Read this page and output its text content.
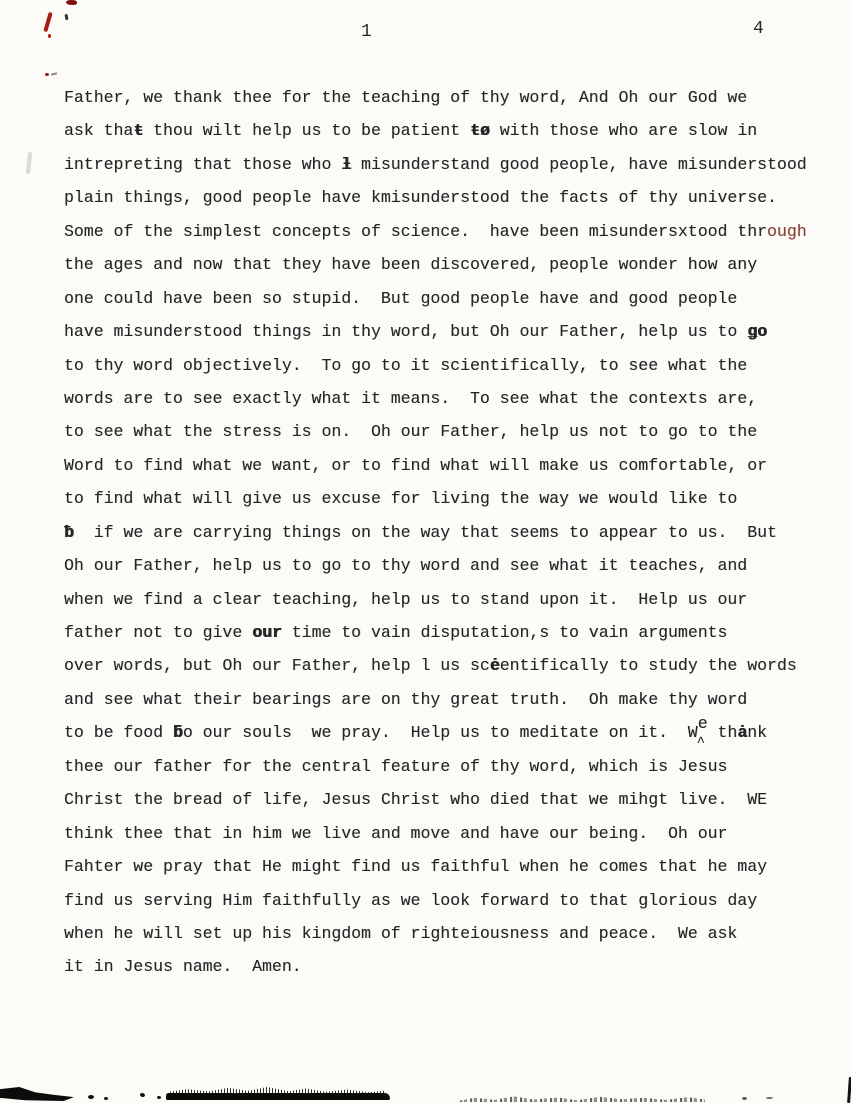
1	4
Father, we thank thee for the teaching of thy word, And Oh our God we
ask thaŧ thou wilt help us to be patient ŧø with those who are slow in
intrepreting that those who ƚ misunderstand good people, have misunderstood
plain things, good people have kmisunderstood the facts of thy universe.
Some of the simplest concepts of science.  have been misundersxtood through
the ages and now that they have been discovered, people wonder how any
one could have been so stupid.  But good people have and good people
have misunderstood things in thy word, but Oh our Father, help us to ǥo
to thy word objectively.  To go to it scientifically, to see what the
words are to see exactly what it means.  To see what the contexts are,
to see what the stress is on.  Oh our Father, help us not to go to the
Word to find what we want, or to find what will make us comfortable, or
to find what will give us excuse for living the way we would like to
ƀ  if we are carrying things on the way that seems to appear to us.  But
Oh our Father, help us to go to thy word and see what it teaches, and
when we find a clear teaching, help us to stand upon it.  Help us our
father not to give our time to vain disputation,s to vain arguments
over words, but Oh our Father, help l us scėentifically to study the words
and see what their bearings are on thy great truth.  Oh make thy word
to be food ƃo our souls  we pray.  Help us to meditate on it.  We^ thȧnk
thee our father for the central feature of thy word, which is Jesus
Christ the bread of life, Jesus Christ who died that we mihgt live.  WE
think thee that in him we live and move and have our being.  Oh our
Fahter we pray that He might find us faithful when he comes that he may
find us serving Him faithfully as we look forward to that glorious day
when he will set up his kingdom of righteiousness and peace.  We ask
it in Jesus name.  Amen.
